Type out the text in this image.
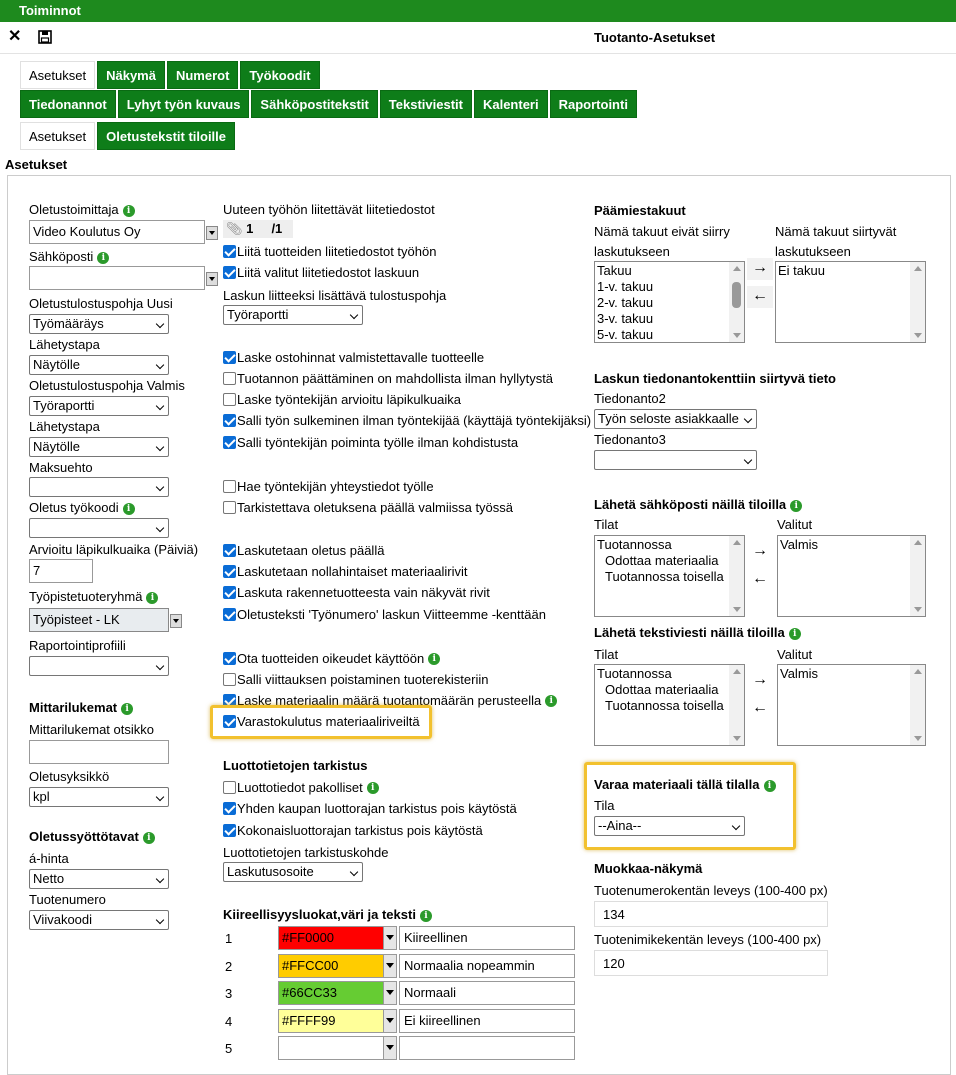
Toiminnot
✕	Tuotanto-Asetukset
Asetukset	Näkymä	Numerot	Työkoodit
Tiedonannot	Lyhyt työn kuvaus	Sähköpostitekstit	Tekstiviestit	Kalenteri	Raportointi
Asetukset	Oletustekstit tiloille
Asetukset
Oletustoimittaja i
Video Koulutus Oy
Sähköposti i
Oletustulostuspohja Uusi
Työmääräys
Lähetystapa
Näytölle
Oletustulostuspohja Valmis
Työraportti
Lähetystapa
Näytölle
Maksuehto
Oletus työkoodi i
Arvioitu läpikulkuaika (Päiviä)
7
Työpistetuoteryhmä i
Työpisteet - LK
Raportointiprofiili
Mittarilukemat i
Mittarilukemat otsikko
Oletusyksikkö
kpl
Oletussyöttötavat i
á-hinta
Netto
Tuotenumero
Viivakoodi
Uuteen työhön liitettävät liitetiedostot
📎︎ 1 /1
Liitä tuotteiden liitetiedostot työhön
Liitä valitut liitetiedostot laskuun
Laskun liitteeksi lisättävä tulostuspohja
Työraportti
Laske ostohinnat valmistettavalle tuotteelle
Tuotannon päättäminen on mahdollista ilman hyllytystä
Laske työntekijän arvioitu läpikulkuaika
Salli työn sulkeminen ilman työntekijää (käyttäjä työntekijäksi)
Salli työntekijän poiminta työlle ilman kohdistusta
Hae työntekijän yhteystiedot työlle
Tarkistettava oletuksena päällä valmiissa työssä
Laskutetaan oletus päällä
Laskutetaan nollahintaiset materiaalirivit
Laskuta rakennetuotteesta vain näkyvät rivit
Oletusteksti 'Työnumero' laskun Viitteemme -kenttään
Ota tuotteiden oikeudet käyttöön i
Salli viittauksen poistaminen tuoterekisteriin
Laske materiaalin määrä tuotantomäärän perusteella i
Varastokulutus materiaaliriveiltä
Luottotietojen tarkistus
Luottotiedot pakolliset i
Yhden kaupan luottorajan tarkistus pois käytöstä
Kokonaisluottorajan tarkistus pois käytöstä
Luottotietojen tarkistuskohde
Laskutusosoite
Kiireellisyysluokat,väri ja teksti i
1	#FF0000	Kiireellinen
2	#FFCC00	Normaalia nopeammin
3	#66CC33	Normaali
4	#FFFF99	Ei kiireellinen
5
Päämiestakuut
Nämä takuut eivät siirry
laskutukseen
Nämä takuut siirtyvät
laskutukseen
Takuu
1-v. takuu
2-v. takuu
3-v. takuu
5-v. takuu
→
←
Ei takuu
Laskun tiedonantokenttiin siirtyvä tieto
Tiedonanto2
Työn seloste asiakkaalle
Tiedonanto3
Lähetä sähköposti näillä tiloilla i
Tilat	Valitut
Tuotannossa
Odottaa materiaalia
Tuotannossa toisella
→
←
Valmis
Lähetä tekstiviesti näillä tiloilla i
Tilat	Valitut
Tuotannossa
Odottaa materiaalia
Tuotannossa toisella
→
←
Valmis
Varaa materiaali tällä tilalla i
Tila
--Aina--
Muokkaa-näkymä
Tuotenumerokentän leveys (100-400 px)
134
Tuotenimikekentän leveys (100-400 px)
120
